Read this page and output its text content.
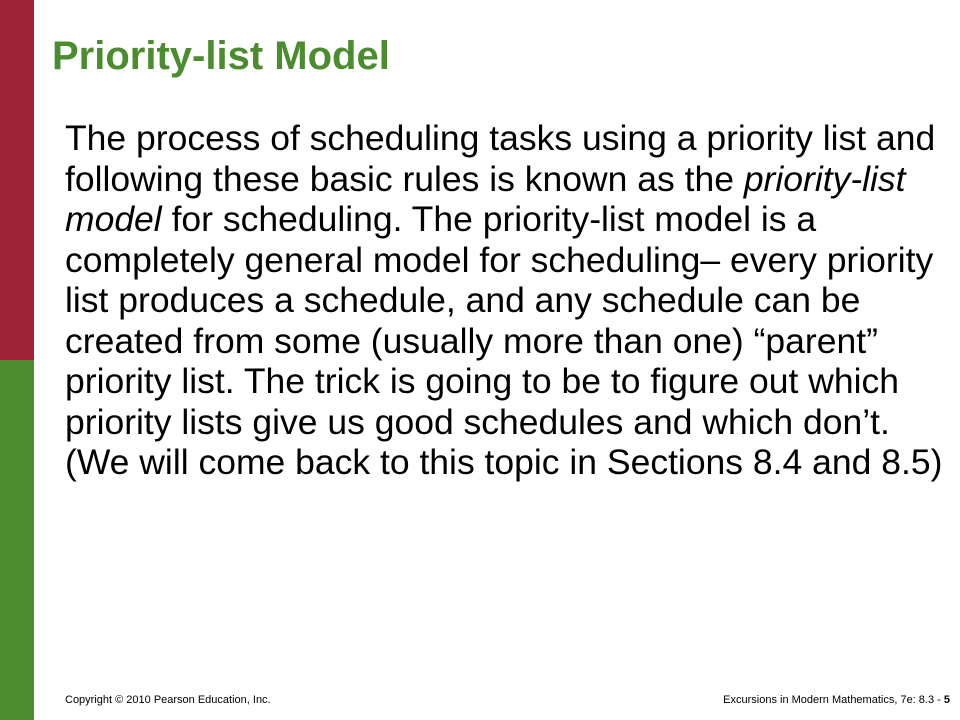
Priority-list Model

The process of scheduling tasks using a priority list and following these basic rules is known as the priority-list model for scheduling. The priority-list model is a completely general model for scheduling– every priority list produces a schedule, and any schedule can be created from some (usually more than one) “parent” priority list. The trick is going to be to figure out which priority lists give us good schedules and which don’t. (We will come back to this topic in Sections 8.4 and 8.5)

Copyright © 2010 Pearson Education, Inc.	Excursions in Modern Mathematics, 7e: 8.3 - 5
